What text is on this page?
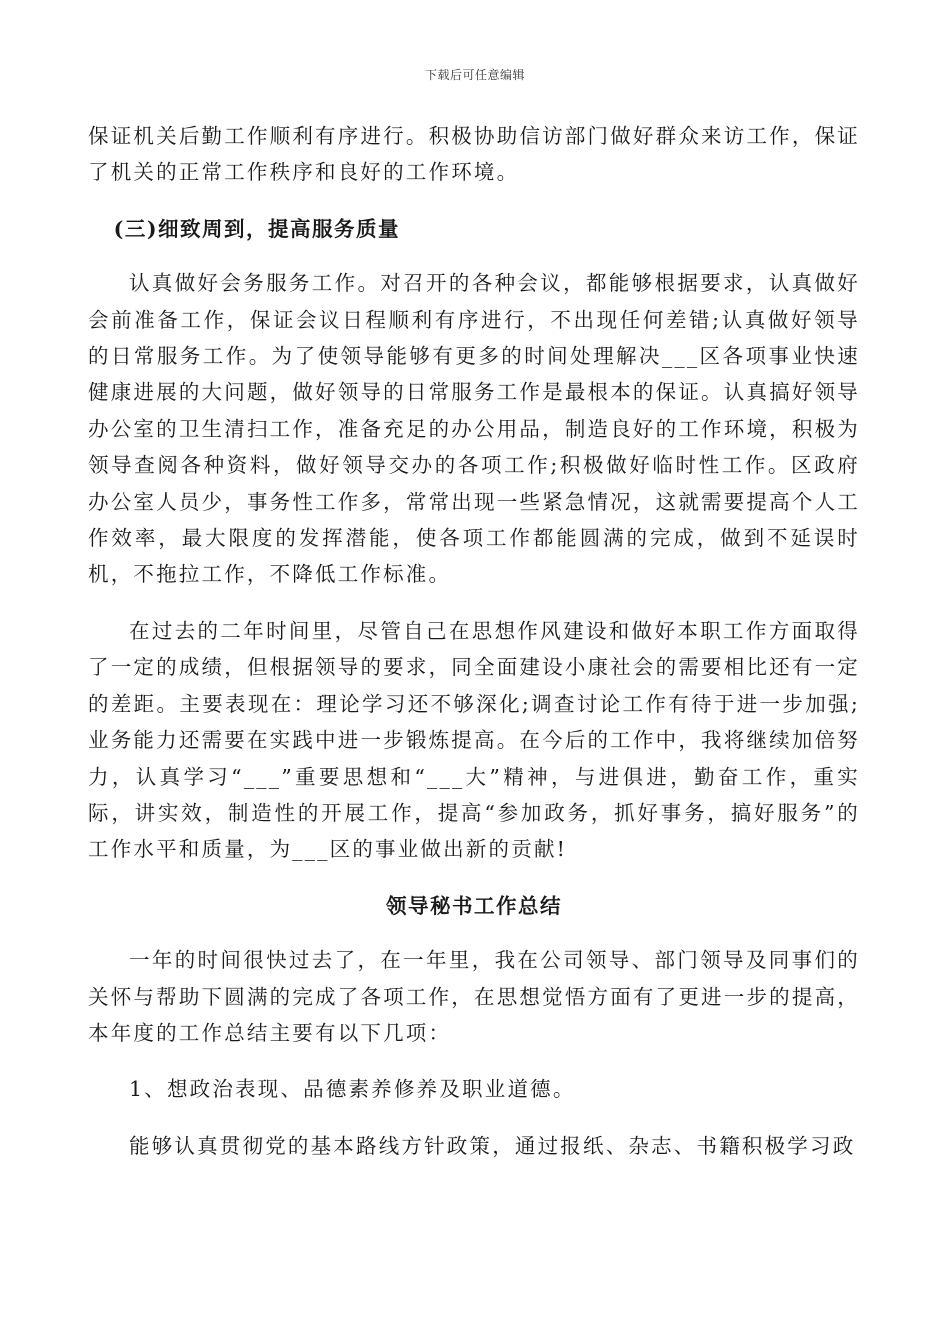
下载后可任意编辑

保证机关后勤工作顺利有序进行。积极协助信访部门做好群众来访工作，保证了机关的正常工作秩序和良好的工作环境。

(三)细致周到，提高服务质量

认真做好会务服务工作。对召开的各种会议，都能够根据要求，认真做好会前准备工作，保证会议日程顺利有序进行，不出现任何差错;认真做好领导的日常服务工作。为了使领导能够有更多的时间处理解决___区各项事业快速健康进展的大问题，做好领导的日常服务工作是最根本的保证。认真搞好领导办公室的卫生清扫工作，准备充足的办公用品，制造良好的工作环境，积极为领导查阅各种资料，做好领导交办的各项工作;积极做好临时性工作。区政府办公室人员少，事务性工作多，常常出现一些紧急情况，这就需要提高个人工作效率，最大限度的发挥潜能，使各项工作都能圆满的完成，做到不延误时机，不拖拉工作，不降低工作标准。

在过去的二年时间里，尽管自己在思想作风建设和做好本职工作方面取得了一定的成绩，但根据领导的要求，同全面建设小康社会的需要相比还有一定的差距。主要表现在：理论学习还不够深化;调查讨论工作有待于进一步加强;业务能力还需要在实践中进一步锻炼提高。在今后的工作中，我将继续加倍努力，认真学习“___”重要思想和“___大”精神，与进俱进，勤奋工作，重实际，讲实效，制造性的开展工作，提高“参加政务，抓好事务，搞好服务”的工作水平和质量，为___区的事业做出新的贡献!

领导秘书工作总结

一年的时间很快过去了，在一年里，我在公司领导、部门领导及同事们的关怀与帮助下圆满的完成了各项工作，在思想觉悟方面有了更进一步的提高，本年度的工作总结主要有以下几项：

1、想政治表现、品德素养修养及职业道德。

能够认真贯彻党的基本路线方针政策，通过报纸、杂志、书籍积极学习政
